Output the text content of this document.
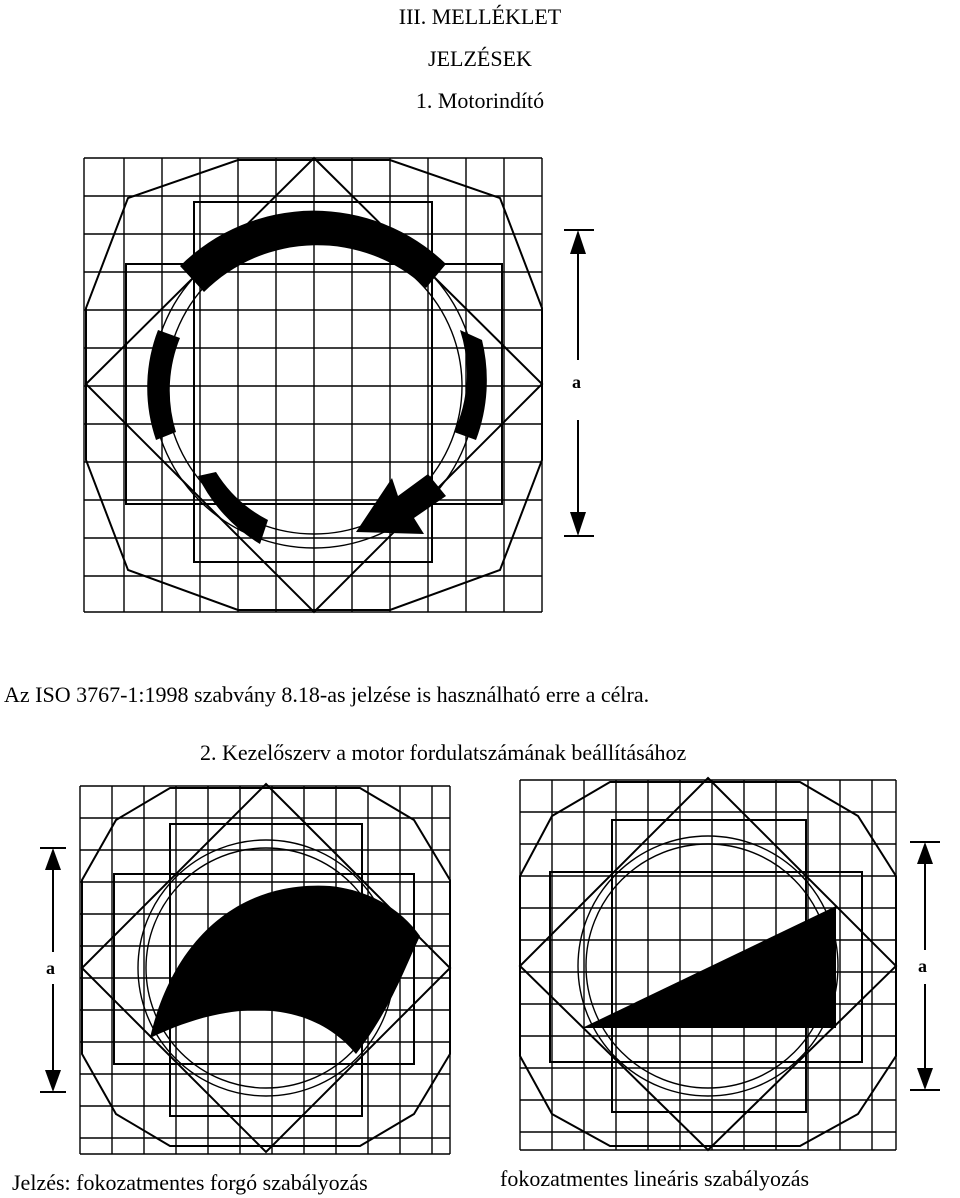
III. MELLÉKLET
JELZÉSEK
1. Motorindító
a
Az ISO 3767-1:1998 szabvány 8.18-as jelzése is használható erre a célra.
2. Kezelőszerv a motor fordulatszámának beállításához
a	a
Jelzés: fokozatmentes forgó szabályozás	fokozatmentes lineáris szabályozás
